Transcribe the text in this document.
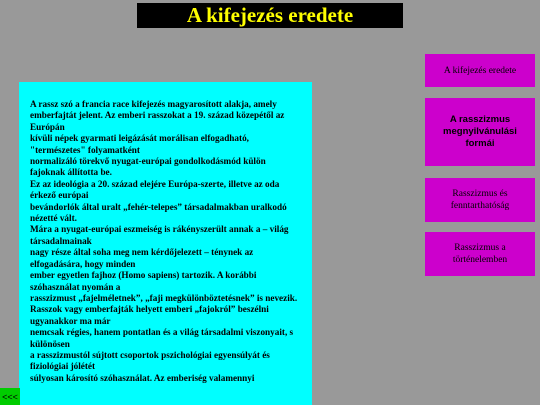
A kifejezés eredete
A rassz szó a francia race kifejezés magyarosított alakja, amely
emberfajtát jelent. Az emberi rasszokat a 19. század közepétől az Európán
kívüli népek gyarmati leigázását morálisan elfogadható, "természetes" folyamatként
normalizáló törekvő nyugat-európai gondolkodásmód külön fajoknak állította be.
Ez az ideológia a 20. század elejére Európa-szerte, illetve az oda érkező európai
bevándorlók által uralt „fehér-telepes” társadalmakban uralkodó nézetté vált.
Mára a nyugat-európai eszmeiség is rákényszerült annak a – világ társadalmainak
nagy része által soha meg nem kérdőjelezett – ténynek az elfogadására, hogy minden
ember egyetlen fajhoz (Homo sapiens) tartozik. A korábbi szóhasználat nyomán a
rasszizmust „fajelméletnek”, „faji megkülönböztetésnek” is nevezik.
Rasszok vagy emberfajták helyett emberi „fajokról” beszélni ugyanakkor ma már
nemcsak régies, hanem pontatlan és a világ társadalmi viszonyait, s különösen
a rasszizmustól sújtott csoportok pszichológiai egyensúlyát és fiziológiai jólétét
súlyosan károsító szóhasználat. Az emberiség valamennyi
A kifejezés eredete
A rasszizmus megnyilvánulási formái
Rasszizmus és fenntarthatóság
Rasszizmus a történelemben
<<<
